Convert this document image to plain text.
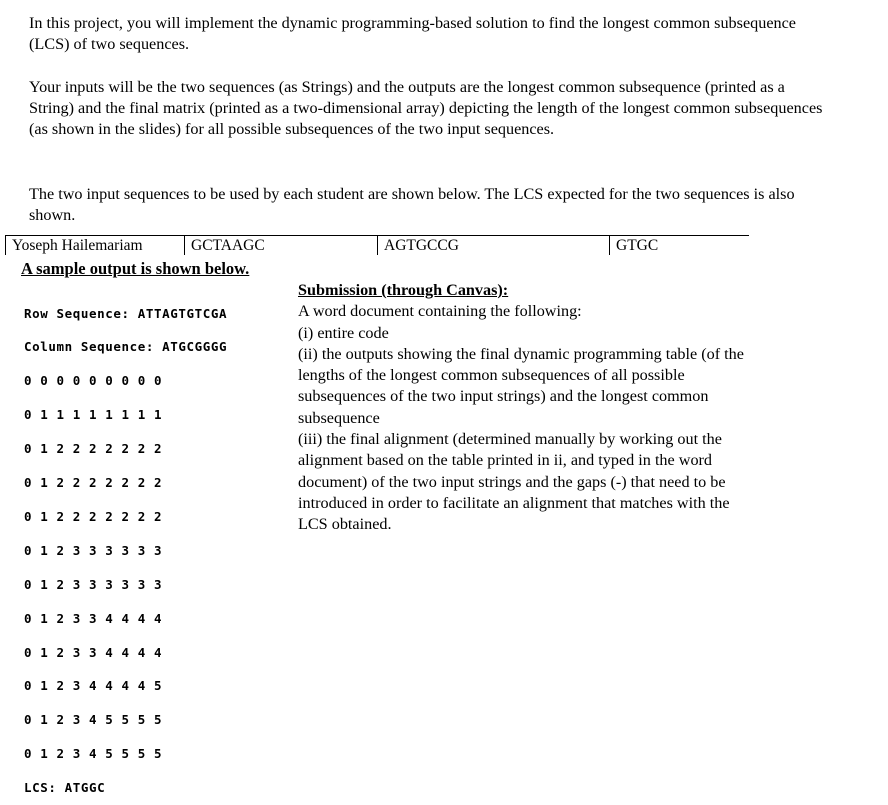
In this project, you will implement the dynamic programming-based solution to find the longest common subsequence (LCS) of two sequences.

Your inputs will be the two sequences (as Strings) and the outputs are the longest common subsequence (printed as a String) and the final matrix (printed as a two-dimensional array) depicting the length of the longest common subsequences (as shown in the slides) for all possible subsequences of the two input sequences.

The two input sequences to be used by each student are shown below. The LCS expected for the two sequences is also shown.

Yoseph Hailemariam	GCTAAGC	AGTGCCG	GTGC
A sample output is shown below.

Row Sequence: ATTAGTGTCGA

Column Sequence: ATGCGGGG

0 0 0 0 0 0 0 0 0

0 1 1 1 1 1 1 1 1

0 1 2 2 2 2 2 2 2

0 1 2 2 2 2 2 2 2

0 1 2 2 2 2 2 2 2

0 1 2 3 3 3 3 3 3

0 1 2 3 3 3 3 3 3

0 1 2 3 3 4 4 4 4

0 1 2 3 3 4 4 4 4

0 1 2 3 4 4 4 4 5

0 1 2 3 4 5 5 5 5

0 1 2 3 4 5 5 5 5

LCS: ATGGC

Submission (through Canvas):
A word document containing the following:
(i) entire code
(ii) the outputs showing the final dynamic programming table (of the
lengths of the longest common subsequences of all possible
subsequences of the two input strings) and the longest common
subsequence
(iii) the final alignment (determined manually by working out the
alignment based on the table printed in ii, and typed in the word
document) of the two input strings and the gaps (-) that need to be
introduced in order to facilitate an alignment that matches with the
LCS obtained.
